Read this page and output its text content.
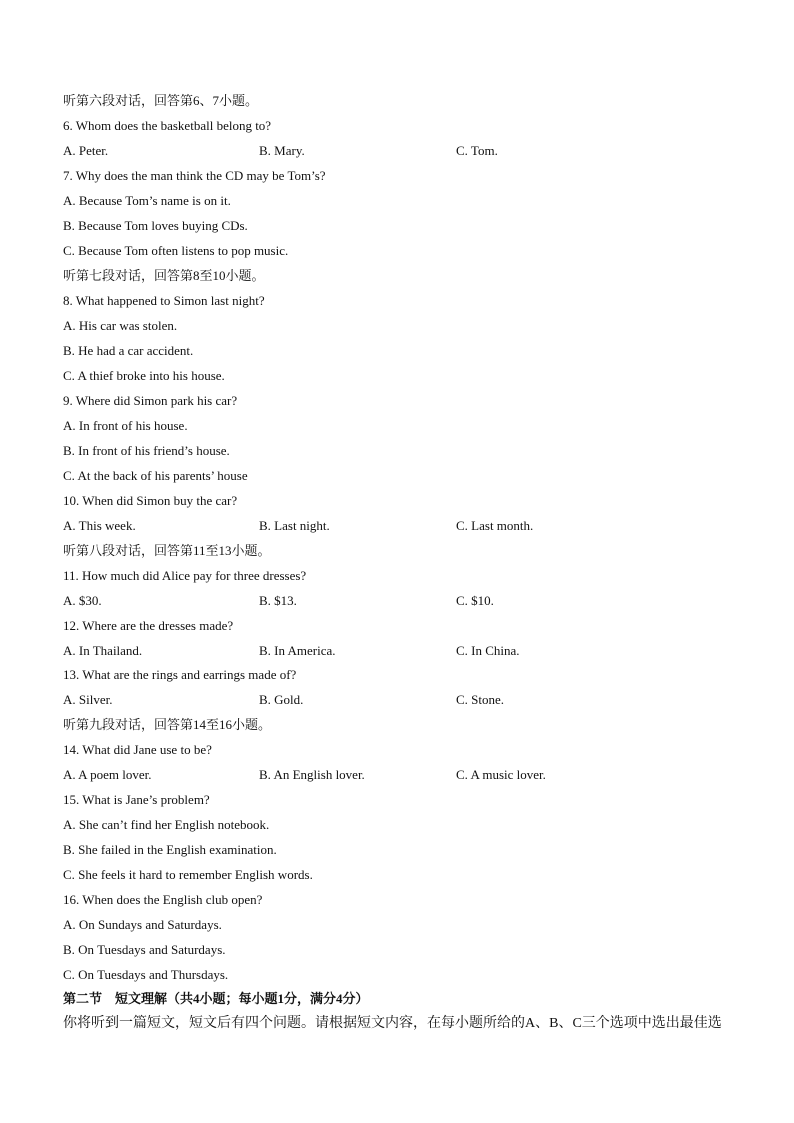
听第六段对话，回答第6、7小题。
6. Whom does the basketball belong to?
A. Peter.	B. Mary.	C. Tom.
7. Why does the man think the CD may be Tom’s?
A. Because Tom’s name is on it.
B. Because Tom loves buying CDs.
C. Because Tom often listens to pop music.
听第七段对话，回答第8至10小题。
8. What happened to Simon last night?
A. His car was stolen.
B. He had a car accident.
C. A thief broke into his house.
9. Where did Simon park his car?
A. In front of his house.
B. In front of his friend’s house.
C. At the back of his parents’ house
10. When did Simon buy the car?
A. This week.	B. Last night.	C. Last month.
听第八段对话，回答第11至13小题。
11. How much did Alice pay for three dresses?
A. $30.	B. $13.	C. $10.
12. Where are the dresses made?
A. In Thailand.	B. In America.	C. In China.
13. What are the rings and earrings made of?
A. Silver.	B. Gold.	C. Stone.
听第九段对话，回答第14至16小题。
14. What did Jane use to be?
A. A poem lover.	B. An English lover.	C. A music lover.
15. What is Jane’s problem?
A. She can’t find her English notebook.
B. She failed in the English examination.
C. She feels it hard to remember English words.
16. When does the English club open?
A. On Sundays and Saturdays.
B. On Tuesdays and Saturdays.
C. On Tuesdays and Thursdays.
第二节　短文理解（共4小题；每小题1分，满分4分）
你将听到一篇短文，短文后有四个问题。请根据短文内容，在每小题所给的A、B、C三个选项中选出最佳选
